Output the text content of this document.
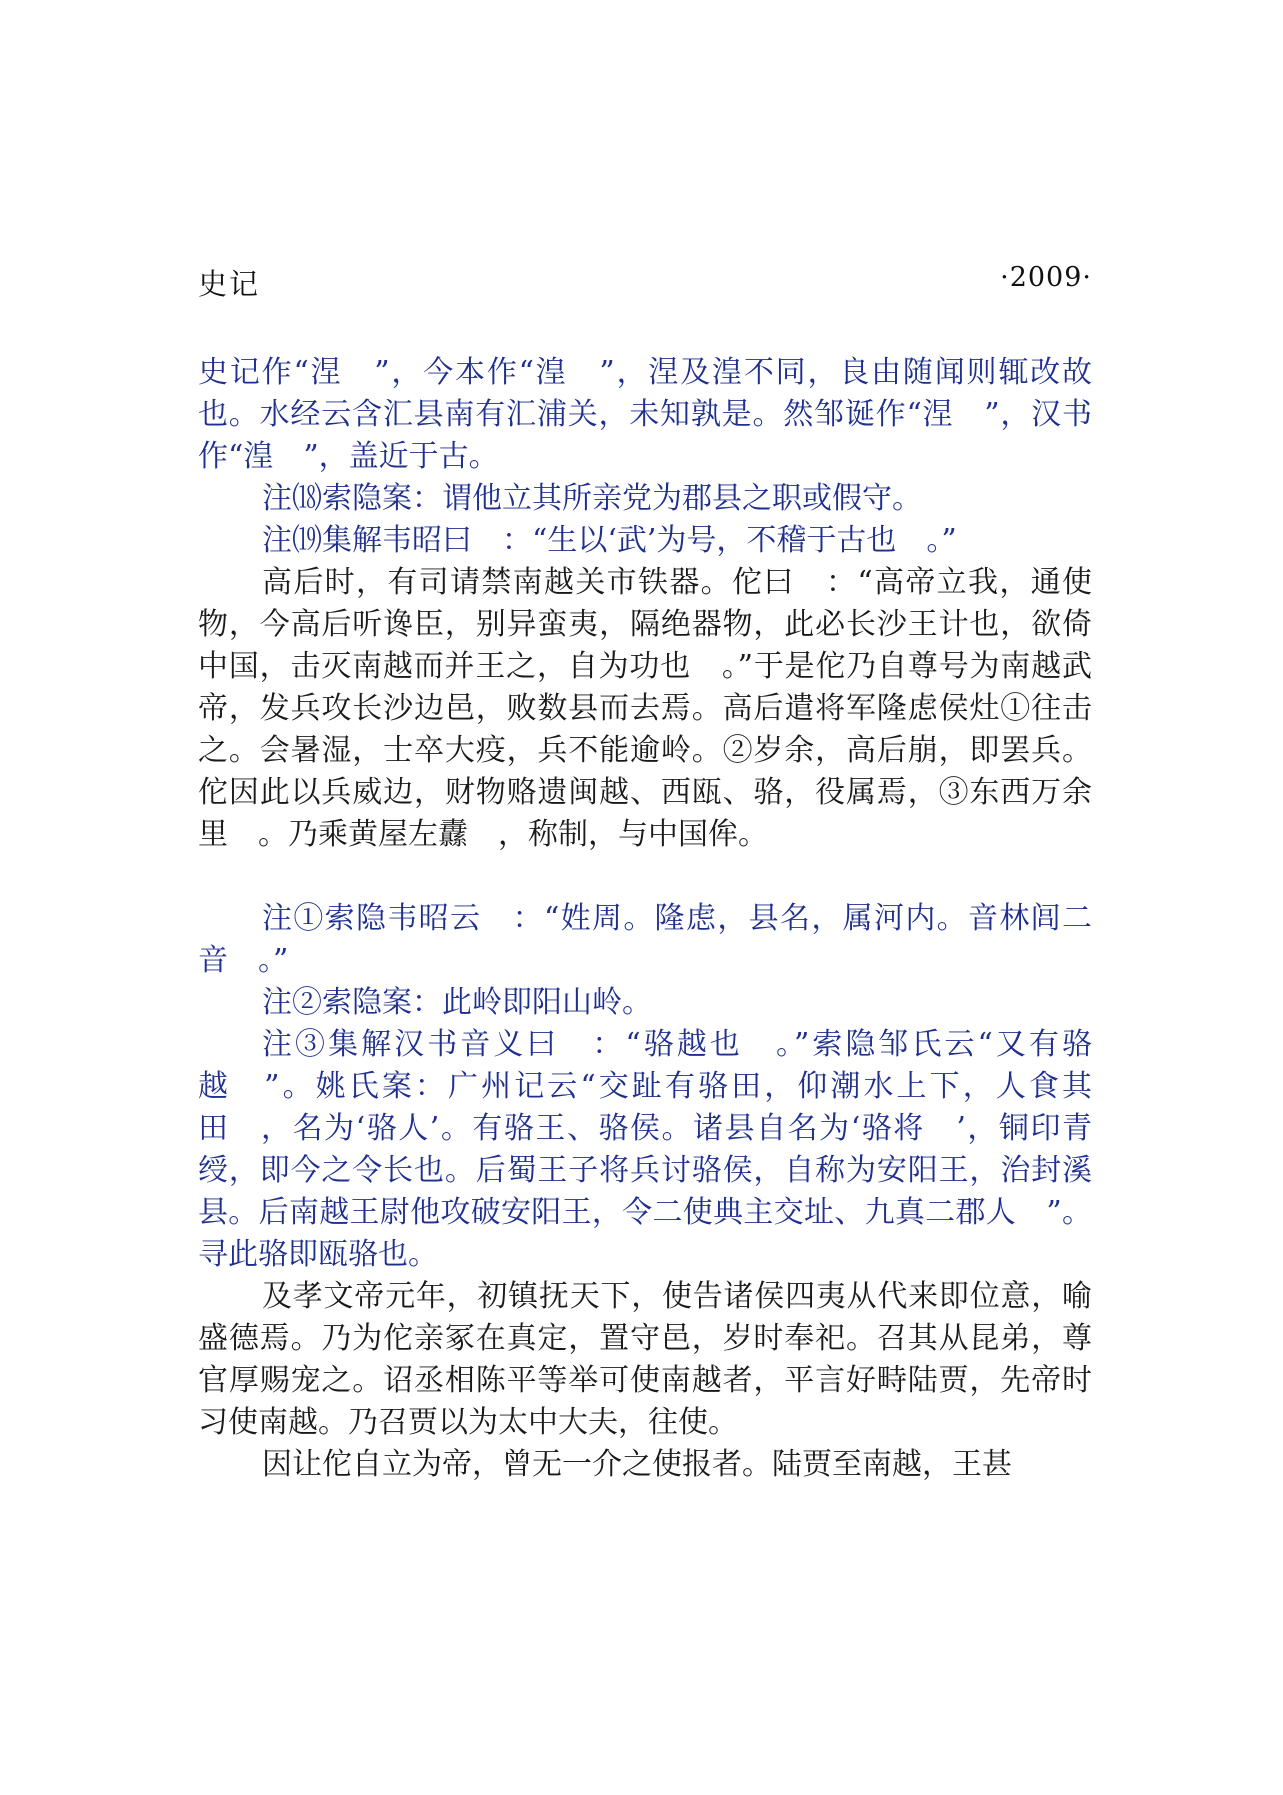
史记	·2009·

史记作“涅　”，今本作“湟　”，涅及湟不同，良由随闻则辄改故也。水经云含汇县南有汇浦关，未知孰是。然邹诞作“涅　”，汉书作“湟　”，盖近于古。

注⒅索隐案：谓他立其所亲党为郡县之职或假守。

注⒆集解韦昭曰　：“生以‘武’为号，不稽于古也　。”

高后时，有司请禁南越关市铁器。佗曰　：“高帝立我，通使物，今高后听谗臣，别异蛮夷，隔绝器物，此必长沙王计也，欲倚中国，击灭南越而并王之，自为功也　。”于是佗乃自尊号为南越武帝，发兵攻长沙边邑，败数县而去焉。高后遣将军隆虑侯灶①往击之。会暑湿，士卒大疫，兵不能逾岭。②岁余，高后崩，即罢兵。佗因此以兵威边，财物赂遗闽越、西瓯、骆，役属焉，③东西万余里　。乃乘黄屋左纛　，称制，与中国侔。

注①索隐韦昭云　：“姓周。隆虑，县名，属河内。音林闾二音　。”

注②索隐案：此岭即阳山岭。

注③集解汉书音义曰　：“骆越也　。”索隐邹氏云“又有骆越　”。姚氏案：广州记云“交趾有骆田，仰潮水上下，人食其田　，名为‘骆人’。有骆王、骆侯。诸县自名为‘骆将　’，铜印青绶，即今之令长也。后蜀王子将兵讨骆侯，自称为安阳王，治封溪县。后南越王尉他攻破安阳王，令二使典主交址、九真二郡人　”。寻此骆即瓯骆也。

及孝文帝元年，初镇抚天下，使告诸侯四夷从代来即位意，喻盛德焉。乃为佗亲冢在真定，置守邑，岁时奉祀。召其从昆弟，尊官厚赐宠之。诏丞相陈平等举可使南越者，平言好畤陆贾，先帝时习使南越。乃召贾以为太中大夫，往使。

因让佗自立为帝，曾无一介之使报者。陆贾至南越，王甚
